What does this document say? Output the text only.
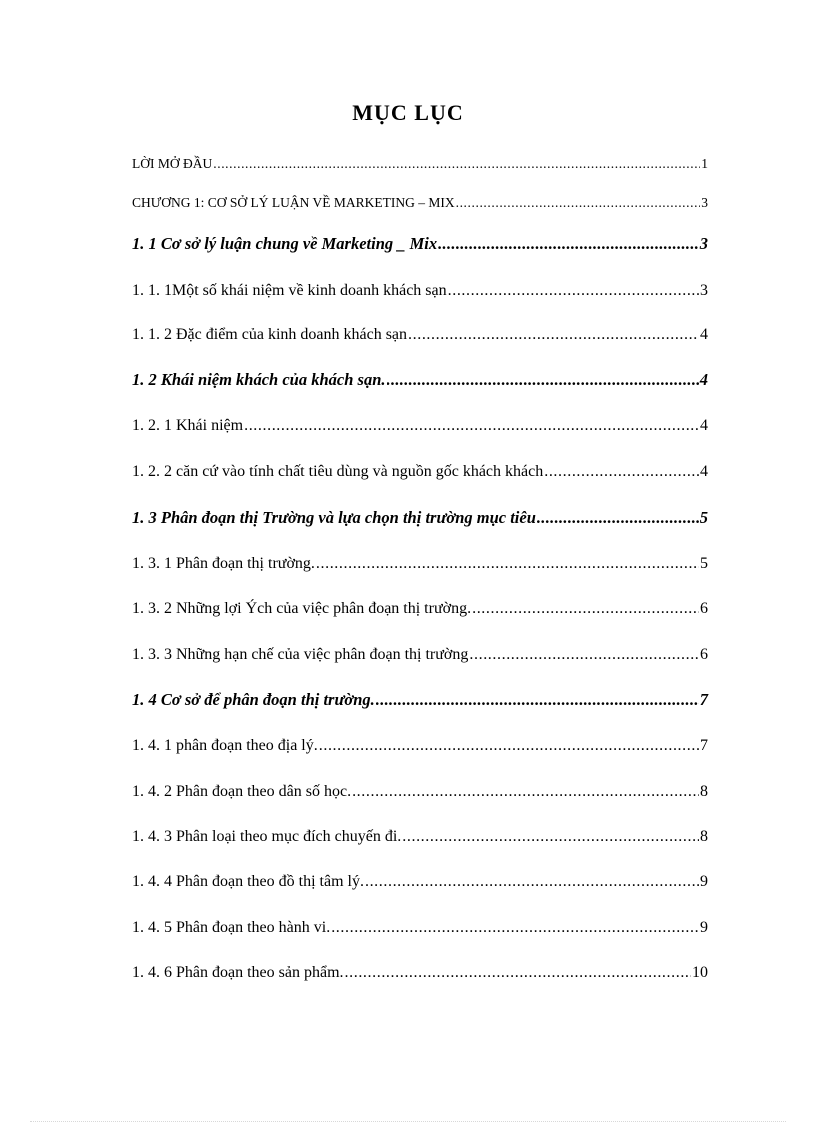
MỤC LỤC
LỜI MỞ ĐẦU .....	1
CHƯƠNG 1: CƠ SỞ LÝ LUẬN VỀ MARKETING – MIX .....	3
1. 1 Cơ sở lý luận chung về Marketing _ Mix .....	3
1. 1. 1Một số khái niệm về kinh doanh khách sạn .....	3
1. 1. 2 Đặc điểm của kinh doanh khách sạn .....	4
1. 2 Khái niệm khách của khách sạn. .....	4
1. 2. 1 Khái niệm .....	4
1. 2. 2 căn cứ vào tính chất tiêu dùng và nguồn gốc khách khách .....	4
1. 3 Phân đoạn thị Trường và lựa chọn thị trường mục tiêu .....	5
1. 3. 1 Phân đoạn thị trường. .....	5
1. 3. 2 Những lợi Ých của việc phân đoạn thị trường. .....	6
1. 3. 3 Những hạn chế của việc phân đoạn thị trường .....	6
1. 4 Cơ sở để phân đoạn thị trường. .....	7
1. 4. 1 phân đoạn theo địa lý. .....	7
1. 4. 2 Phân đoạn theo dân số học. .....	8
1. 4. 3 Phân loại theo mục đích chuyến đi. .....	8
1. 4. 4 Phân đoạn theo đồ thị tâm lý. .....	9
1. 4. 5 Phân đoạn theo hành vi. .....	9
1. 4. 6 Phân đoạn theo sản phẩm. .....	10
